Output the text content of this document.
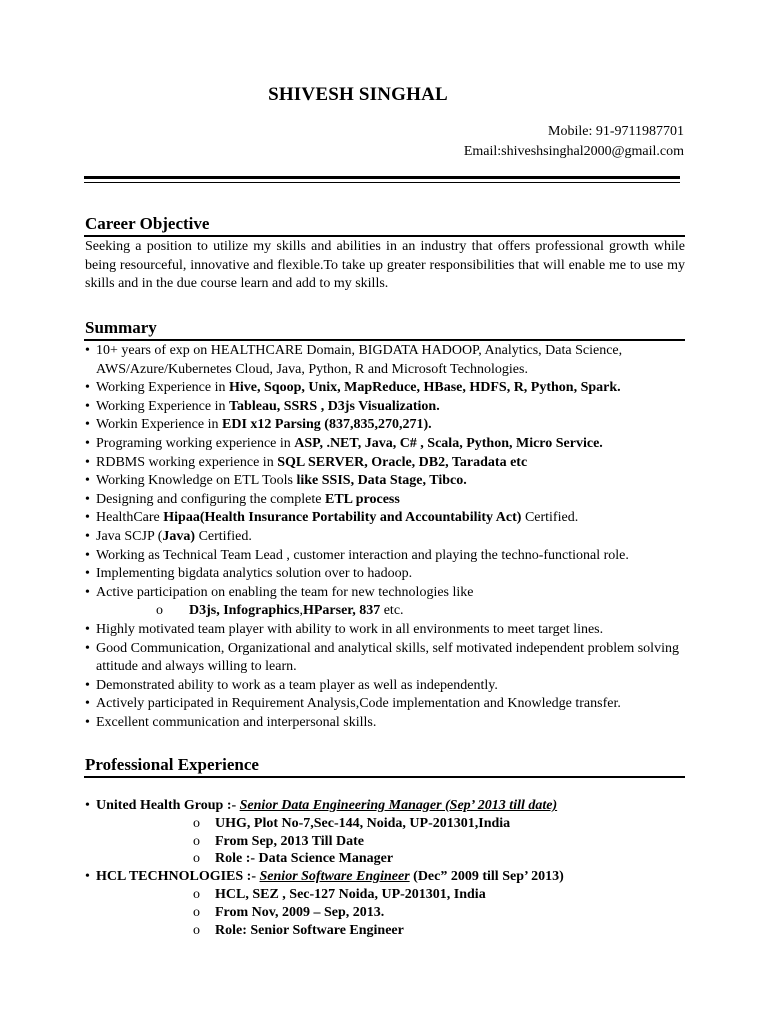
SHIVESH SINGHAL
Mobile: 91-9711987701
Email:shiveshsinghal2000@gmail.com
Career Objective
Seeking a position to utilize my skills and abilities in an industry that offers professional growth while being resourceful, innovative and flexible.To take up greater responsibilities that will enable me to use my skills and in the due course learn and add to my skills.
Summary
• 10+ years of exp on HEALTHCARE Domain, BIGDATA HADOOP, Analytics, Data Science, AWS/Azure/Kubernetes Cloud, Java, Python, R and Microsoft Technologies.
• Working Experience in Hive, Sqoop, Unix, MapReduce, HBase, HDFS, R, Python, Spark.
• Working Experience in Tableau, SSRS , D3js Visualization.
• Workin Experience in EDI x12 Parsing (837,835,270,271).
• Programing working experience in ASP, .NET, Java, C# , Scala, Python, Micro Service.
• RDBMS working experience in SQL SERVER, Oracle, DB2, Taradata etc
• Working Knowledge on ETL Tools like SSIS, Data Stage, Tibco.
• Designing and configuring the complete ETL process
• HealthCare Hipaa(Health Insurance Portability and Accountability Act) Certified.
• Java SCJP (Java) Certified.
• Working as Technical Team Lead , customer interaction and playing the techno-functional role.
• Implementing bigdata analytics solution over to hadoop.
• Active participation on enabling the team for new technologies like
o D3js, Infographics,HParser, 837 etc.
• Highly motivated team player with ability to work in all environments to meet target lines.
• Good Communication, Organizational and analytical skills, self motivated independent problem solving attitude and always willing to learn.
• Demonstrated ability to work as a team player as well as independently.
• Actively participated in Requirement Analysis,Code implementation and Knowledge transfer.
• Excellent communication and interpersonal skills.
Professional Experience
• United Health Group :- Senior Data Engineering Manager (Sep’ 2013 till date)
o UHG, Plot No-7,Sec-144, Noida, UP-201301,India
o From Sep, 2013 Till Date
o Role :- Data Science Manager
• HCL TECHNOLOGIES :- Senior Software Engineer (Dec” 2009 till Sep’ 2013)
o HCL, SEZ , Sec-127 Noida, UP-201301, India
o From Nov, 2009 – Sep, 2013.
o Role: Senior Software Engineer
